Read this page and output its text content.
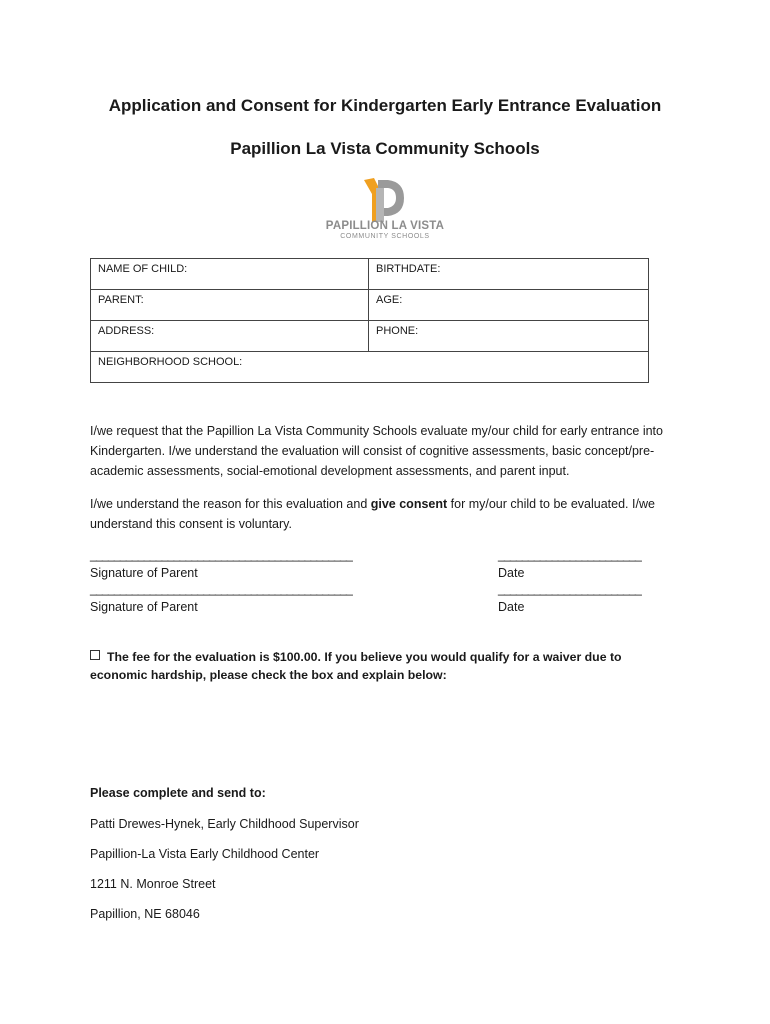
Application and Consent for Kindergarten Early Entrance Evaluation
Papillion La Vista Community Schools
PAPILLION LA VISTA
COMMUNITY SCHOOLS
NAME OF CHILD:	BIRTHDATE:
PARENT:	AGE:
ADDRESS:	PHONE:
NEIGHBORHOOD SCHOOL:	
I/we request that the Papillion La Vista Community Schools evaluate my/our child for early entrance into Kindergarten. I/we understand the evaluation will consist of cognitive assessments, basic concept/pre-academic assessments, social-emotional development assessments, and parent input.
I/we understand the reason for this evaluation and give consent for my/our child to be evaluated. I/we understand this consent is voluntary.
____________________________________________
Signature of Parent
________________________
Date
____________________________________________
Signature of Parent
________________________
Date
The fee for the evaluation is $100.00. If you believe you would qualify for a waiver due to economic hardship, please check the box and explain below:
Please complete and send to:
Patti Drewes-Hynek, Early Childhood Supervisor
Papillion-La Vista Early Childhood Center
1211 N. Monroe Street
Papillion, NE 68046
